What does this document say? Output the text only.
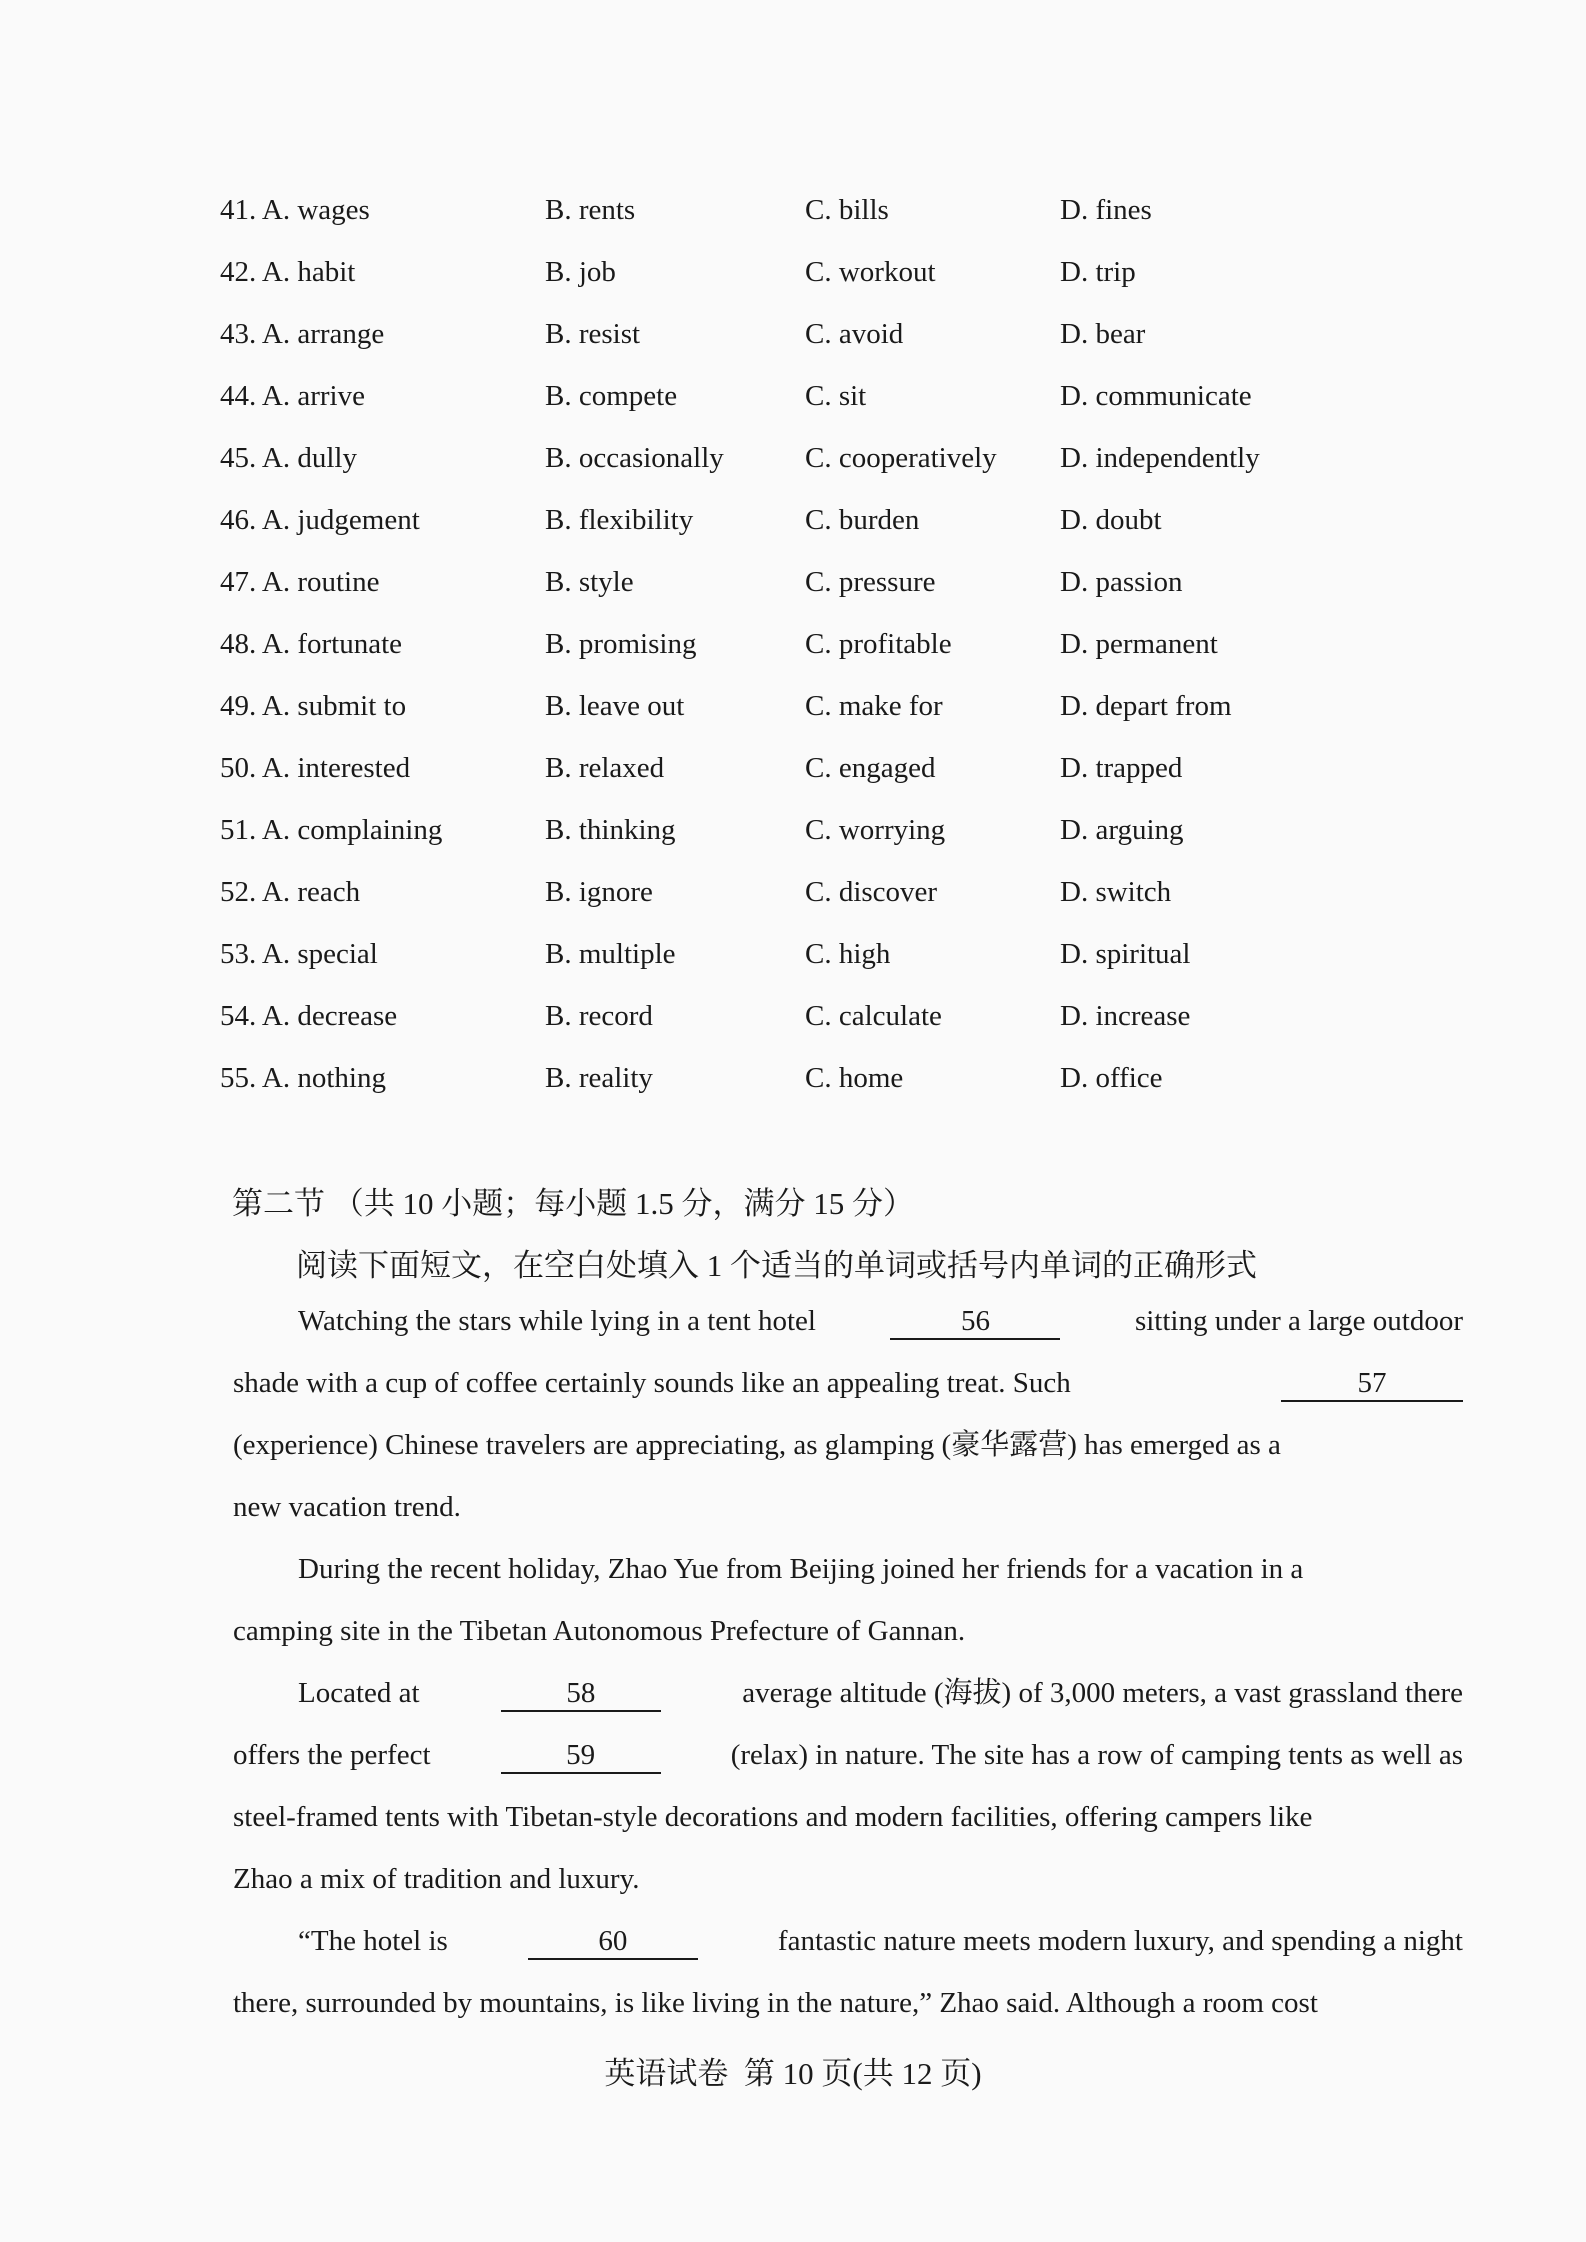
41. A. wages	B. rents	C. bills	D. fines
42. A. habit	B. job	C. workout	D. trip
43. A. arrange	B. resist	C. avoid	D. bear
44. A. arrive	B. compete	C. sit	D. communicate
45. A. dully	B. occasionally	C. cooperatively D. independently
46. A. judgement	B. flexibility	C. burden	D. doubt
47. A. routine	B. style	C. pressure	D. passion
48. A. fortunate	B. promising	C. profitable	D. permanent
49. A. submit to	B. leave out	C. make for	D. depart from
50. A. interested	B. relaxed	C. engaged	D. trapped
51. A. complaining	B. thinking	C. worrying	D. arguing
52. A. reach	B. ignore	C. discover	D. switch
53. A. special	B. multiple	C. high	D. spiritual
54. A. decrease	B. record	C. calculate	D. increase
55. A. nothing	B. reality	C. home	D. office
第二节 （共 10 小题；每小题 1.5 分，满分 15 分）
阅读下面短文，在空白处填入 1 个适当的单词或括号内单词的正确形式
Watching the stars while lying in a tent hotel	56	sitting under a large outdoor
shade with a cup of coffee certainly sounds like an appealing treat. Such	57
(experience) Chinese travelers are appreciating, as glamping (豪华露营) has emerged as a
new vacation trend.
During the recent holiday, Zhao Yue from Beijing joined her friends for a vacation in a
camping site in the Tibetan Autonomous Prefecture of Gannan.
Located at	58	average altitude (海拔) of 3,000 meters, a vast grassland there
offers the perfect	59	(relax) in nature. The site has a row of camping tents as well as
steel-framed tents with Tibetan-style decorations and modern facilities, offering campers like
Zhao a mix of tradition and luxury.
“The hotel is	60	fantastic nature meets modern luxury, and spending a night
there, surrounded by mountains, is like living in the nature,” Zhao said. Although a room cost
英语试卷  第 10 页(共 12 页)
